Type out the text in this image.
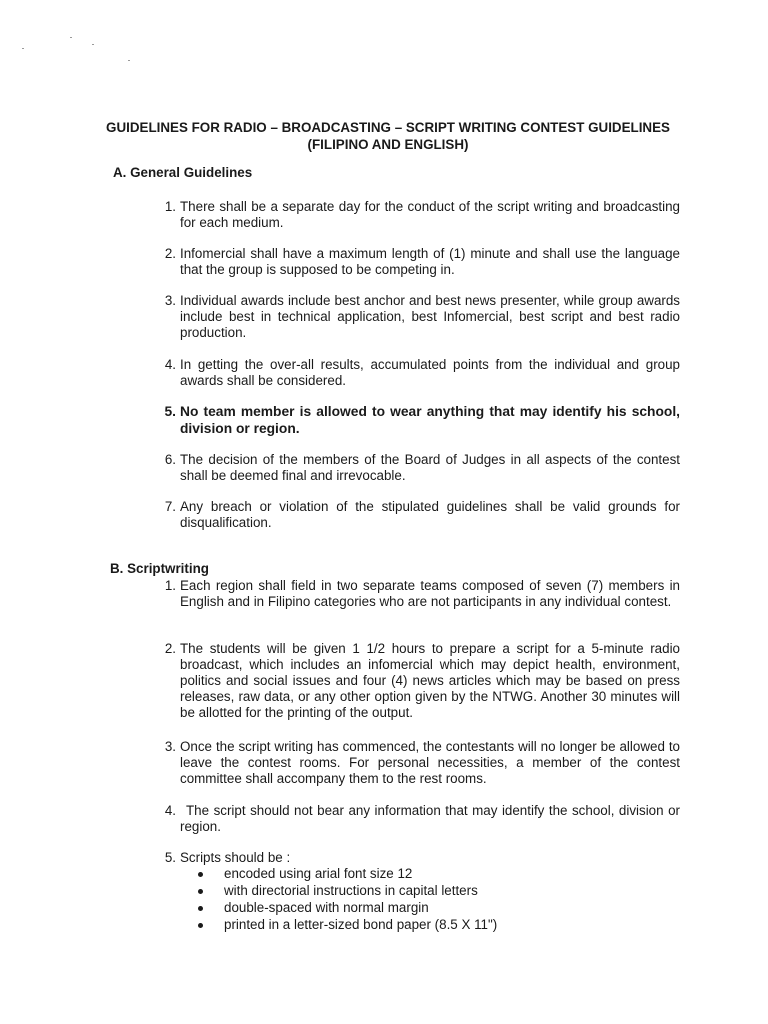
GUIDELINES FOR RADIO – BROADCASTING – SCRIPT WRITING CONTEST GUIDELINES
(FILIPINO AND ENGLISH)
A. General Guidelines
1. There shall be a separate day for the conduct of the script writing and broadcasting for each medium.
2. Infomercial shall have a maximum length of (1) minute and shall use the language that the group is supposed to be competing in.
3. Individual awards include best anchor and best news presenter, while group awards include best in technical application, best Infomercial, best script and best radio production.
4. In getting the over-all results, accumulated points from the individual and group awards shall be considered.
5. No team member is allowed to wear anything that may identify his school, division or region.
6. The decision of the members of the Board of Judges in all aspects of the contest shall be deemed final and irrevocable.
7. Any breach or violation of the stipulated guidelines shall be valid grounds for disqualification.
B. Scriptwriting
1. Each region shall field in two separate teams composed of seven (7) members in English and in Filipino categories who are not participants in any individual contest.
2. The students will be given 1 1/2 hours to prepare a script for a 5-minute radio broadcast, which includes an infomercial which may depict health, environment, politics and social issues and four (4) news articles which may be based on press releases, raw data, or any other option given by the NTWG. Another 30 minutes will be allotted for the printing of the output.
3. Once the script writing has commenced, the contestants will no longer be allowed to leave the contest rooms. For personal necessities, a member of the contest committee shall accompany them to the rest rooms.
4. The script should not bear any information that may identify the school, division or region.
5. Scripts should be :
encoded using arial font size 12
with directorial instructions in capital letters
double-spaced with normal margin
printed in a letter-sized bond paper (8.5 X 11")
